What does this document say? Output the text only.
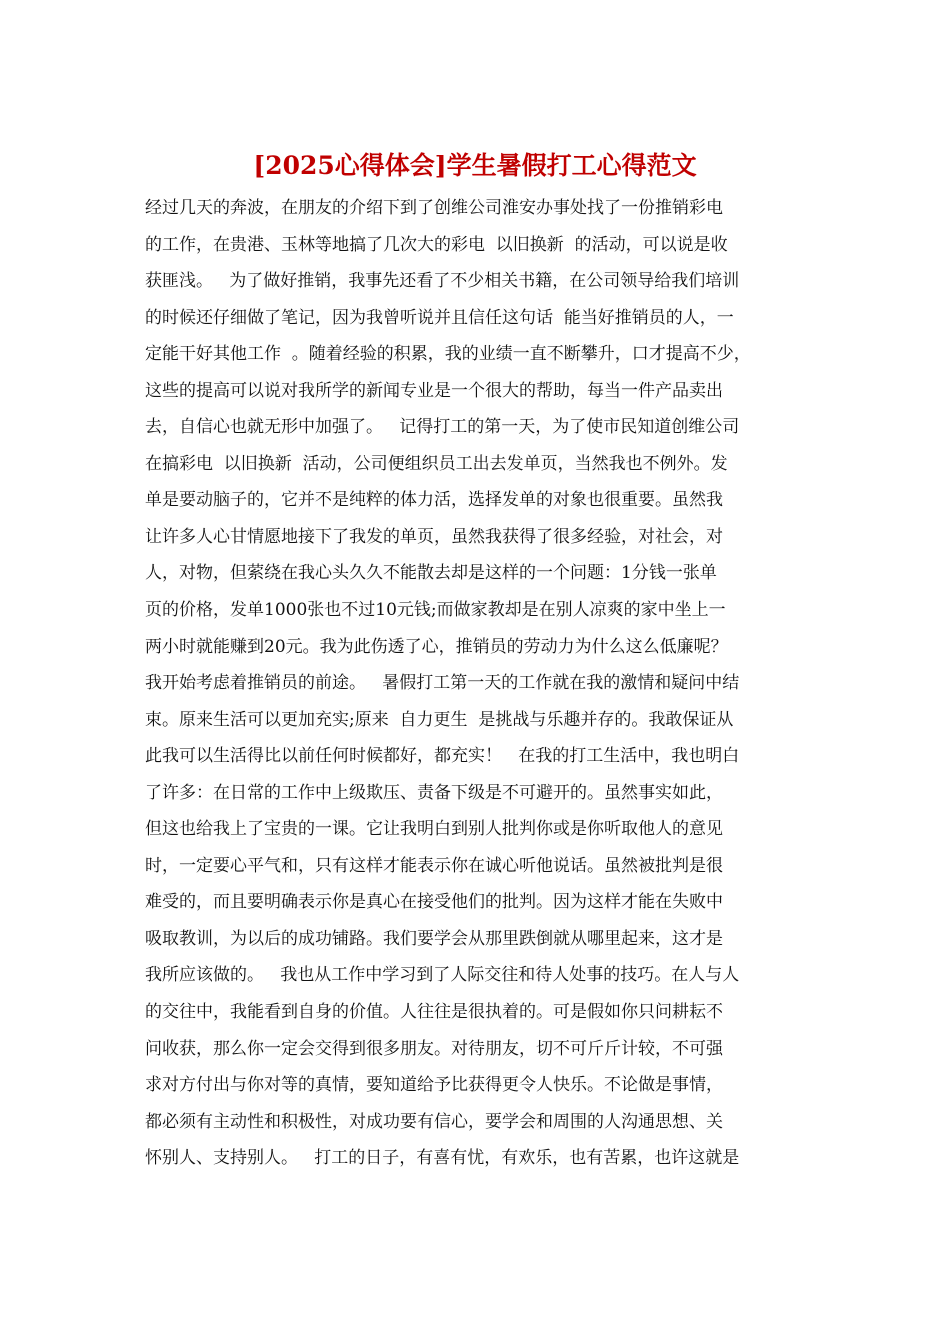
[2025心得体会]学生暑假打工心得范文
经过几天的奔波，在朋友的介绍下到了创维公司淮安办事处找了一份推销彩电
的工作，在贵港、玉林等地搞了几次大的彩电  以旧换新  的活动，可以说是收
获匪浅。   为了做好推销，我事先还看了不少相关书籍，在公司领导给我们培训
的时候还仔细做了笔记，因为我曾听说并且信任这句话  能当好推销员的人，一
定能干好其他工作  。随着经验的积累，我的业绩一直不断攀升，口才提高不少，
这些的提高可以说对我所学的新闻专业是一个很大的帮助，每当一件产品卖出
去，自信心也就无形中加强了。   记得打工的第一天，为了使市民知道创维公司
在搞彩电  以旧换新  活动，公司便组织员工出去发单页，当然我也不例外。发
单是要动脑子的，它并不是纯粹的体力活，选择发单的对象也很重要。虽然我
让许多人心甘情愿地接下了我发的单页，虽然我获得了很多经验，对社会，对
人，对物，但萦绕在我心头久久不能散去却是这样的一个问题：1分钱一张单
页的价格，发单1000张也不过10元钱;而做家教却是在别人凉爽的家中坐上一
两小时就能赚到20元。我为此伤透了心，推销员的劳动力为什么这么低廉呢？
我开始考虑着推销员的前途。   暑假打工第一天的工作就在我的激情和疑问中结
束。原来生活可以更加充实;原来  自力更生  是挑战与乐趣并存的。我敢保证从
此我可以生活得比以前任何时候都好，都充实！   在我的打工生活中，我也明白
了许多：在日常的工作中上级欺压、责备下级是不可避开的。虽然事实如此，
但这也给我上了宝贵的一课。它让我明白到别人批判你或是你听取他人的意见
时，一定要心平气和，只有这样才能表示你在诚心听他说话。虽然被批判是很
难受的，而且要明确表示你是真心在接受他们的批判。因为这样才能在失败中
吸取教训，为以后的成功铺路。我们要学会从那里跌倒就从哪里起来，这才是
我所应该做的。   我也从工作中学习到了人际交往和待人处事的技巧。在人与人
的交往中，我能看到自身的价值。人往往是很执着的。可是假如你只问耕耘不
问收获，那么你一定会交得到很多朋友。对待朋友，切不可斤斤计较，不可强
求对方付出与你对等的真情，要知道给予比获得更令人快乐。不论做是事情，
都必须有主动性和积极性，对成功要有信心，要学会和周围的人沟通思想、关
怀别人、支持别人。   打工的日子，有喜有忧，有欢乐，也有苦累，也许这就是
